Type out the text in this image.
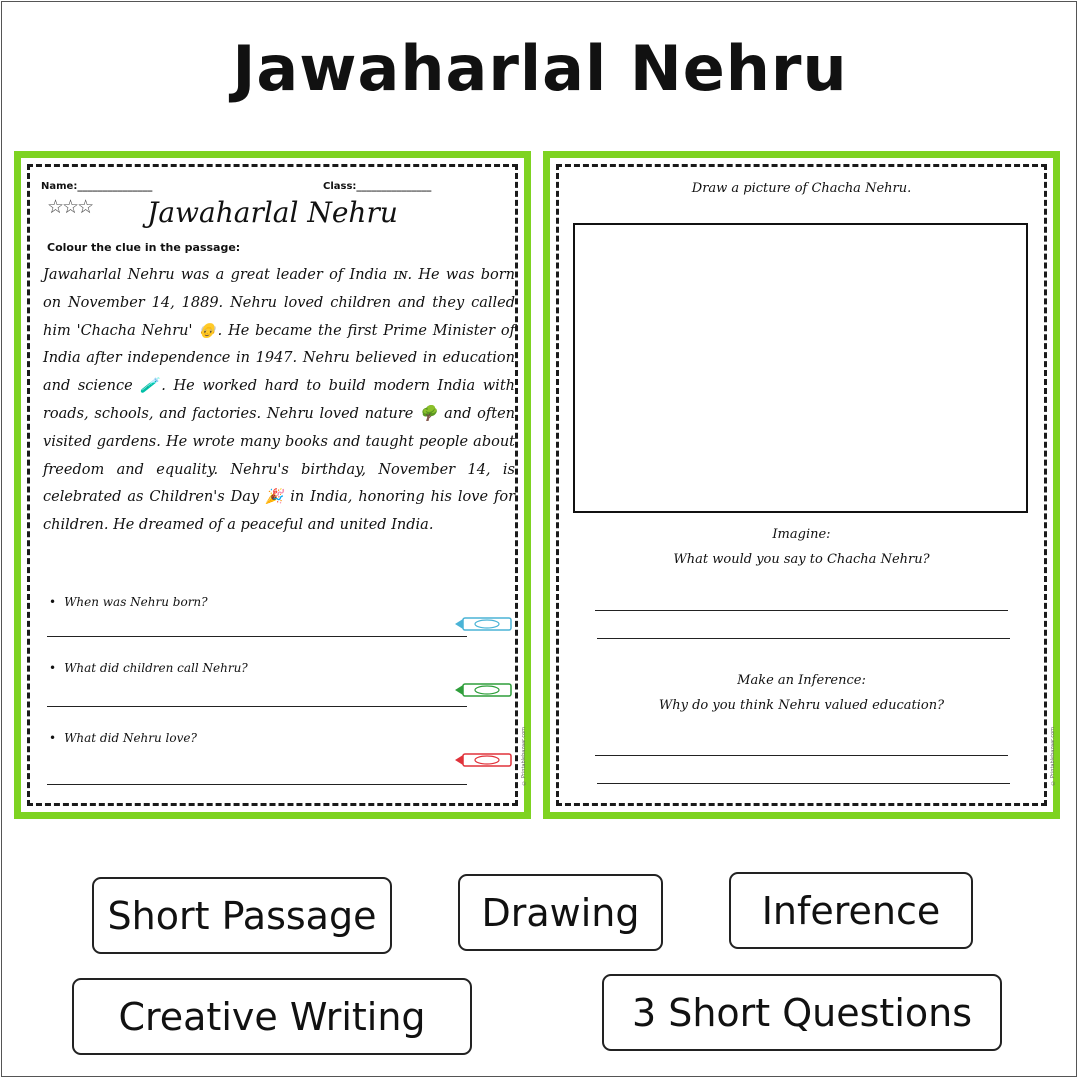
Jawaharlal Nehru
Name:_______________	Class:_______________
☆☆☆	Jawaharlal Nehru
Colour the clue in the passage:
Jawaharlal Nehru was a great leader of India ɪɴ. He was born on November 14, 1889. Nehru loved children and they called him 'Chacha Nehru' 👴. He became the first Prime Minister of India after independence in 1947. Nehru believed in education and science 🧪. He worked hard to build modern India with roads, schools, and factories. Nehru loved nature 🌳 and often visited gardens. He wrote many books and taught people about freedom and equality. Nehru's birthday, November 14, is celebrated as Children's Day 🎉 in India, honoring his love for children. He dreamed of a peaceful and united India.
• When was Nehru born?
• What did children call Nehru?
• What did Nehru love?	© Printablebazaar.com
Draw a picture of Chacha Nehru.
Imagine:
What would you say to Chacha Nehru?
Make an Inference:
Why do you think Nehru valued education?
© Printablebazaar.com
Short Passage	Drawing	Inference
Creative Writing	3 Short Questions
